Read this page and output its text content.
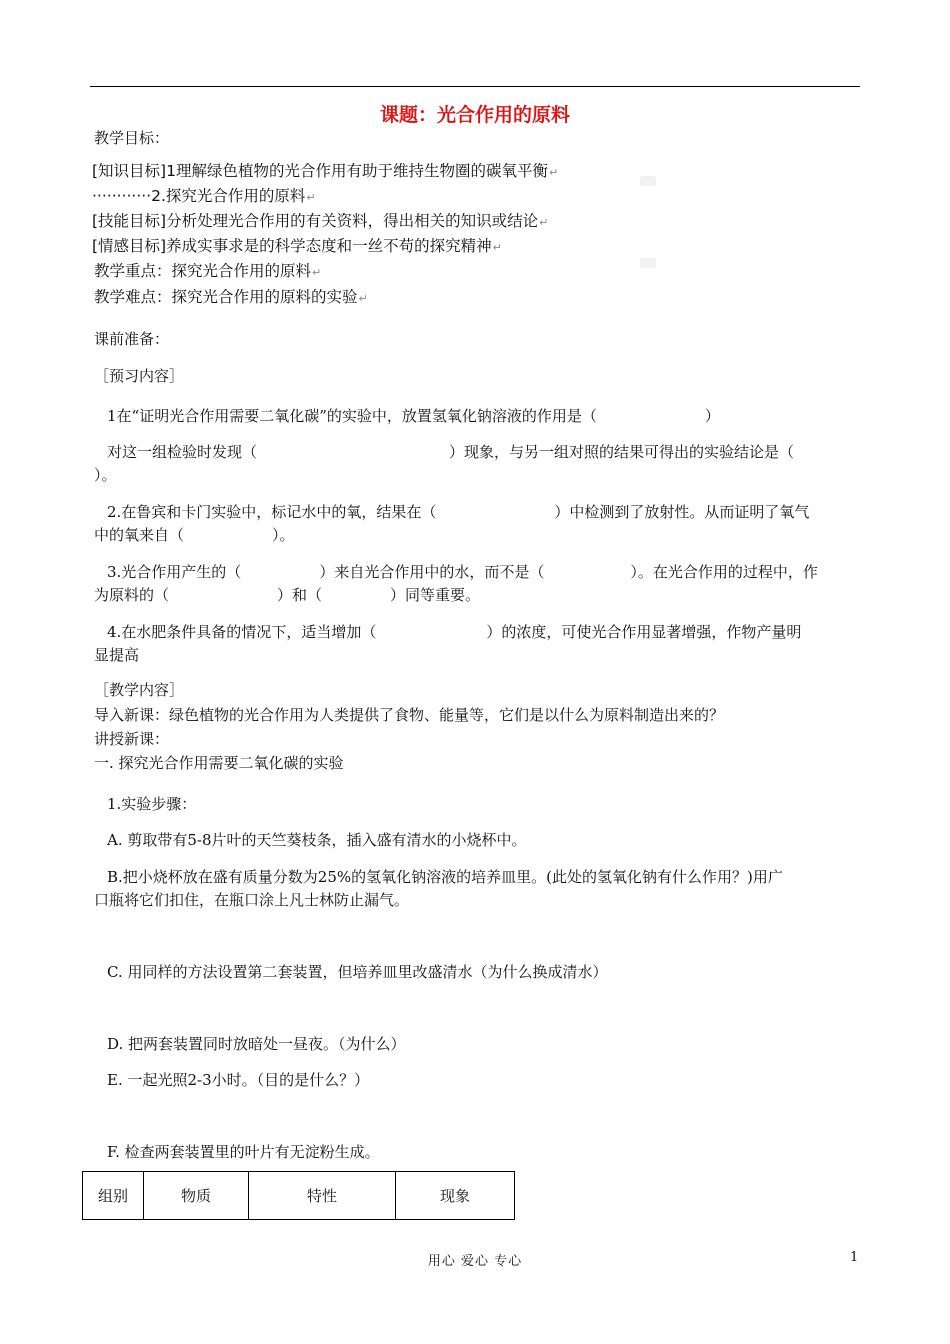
课题：光合作用的原料
教学目标：
[知识目标]1理解绿色植物的光合作用有助于维持生物圈的碳氧平衡↵
············2.探究光合作用的原料↵
[技能目标]分析处理光合作用的有关资料，得出相关的知识或结论↵
[情感目标]养成实事求是的科学态度和一丝不苟的探究精神↵
教学重点：探究光合作用的原料↵
教学难点：探究光合作用的原料的实验↵
课前准备：
［预习内容］
1在“证明光合作用需要二氧化碳”的实验中，放置氢氧化钠溶液的作用是（	）
对这一组检验时发现（	）现象，与另一组对照的结果可得出的实验结论是（
）。
2.在鲁宾和卡门实验中，标记水中的氧，结果在（	）中检测到了放射性。从而证明了氧气
中的氧来自（	）。
3.光合作用产生的（	）来自光合作用中的水，而不是（	）。在光合作用的过程中，作
为原料的（	）和（	）同等重要。
4.在水肥条件具备的情况下，适当增加（	）的浓度，可使光合作用显著增强，作物产量明
显提高
［教学内容］
导入新课：绿色植物的光合作用为人类提供了食物、能量等，它们是以什么为原料制造出来的？
讲授新课：
一. 探究光合作用需要二氧化碳的实验
1.实验步骤：
A. 剪取带有5-8片叶的天竺葵枝条，插入盛有清水的小烧杯中。
B.把小烧杯放在盛有质量分数为25%的氢氧化钠溶液的培养皿里。(此处的氢氧化钠有什么作用？)用广
口瓶将它们扣住，在瓶口涂上凡士林防止漏气。
C. 用同样的方法设置第二套装置，但培养皿里改盛清水（为什么换成清水）
D. 把两套装置同时放暗处一昼夜。（为什么）
E. 一起光照2-3小时。（目的是什么？）
F. 检查两套装置里的叶片有无淀粉生成。
组别	物质	特性	现象
用心 爱心 专心	1
